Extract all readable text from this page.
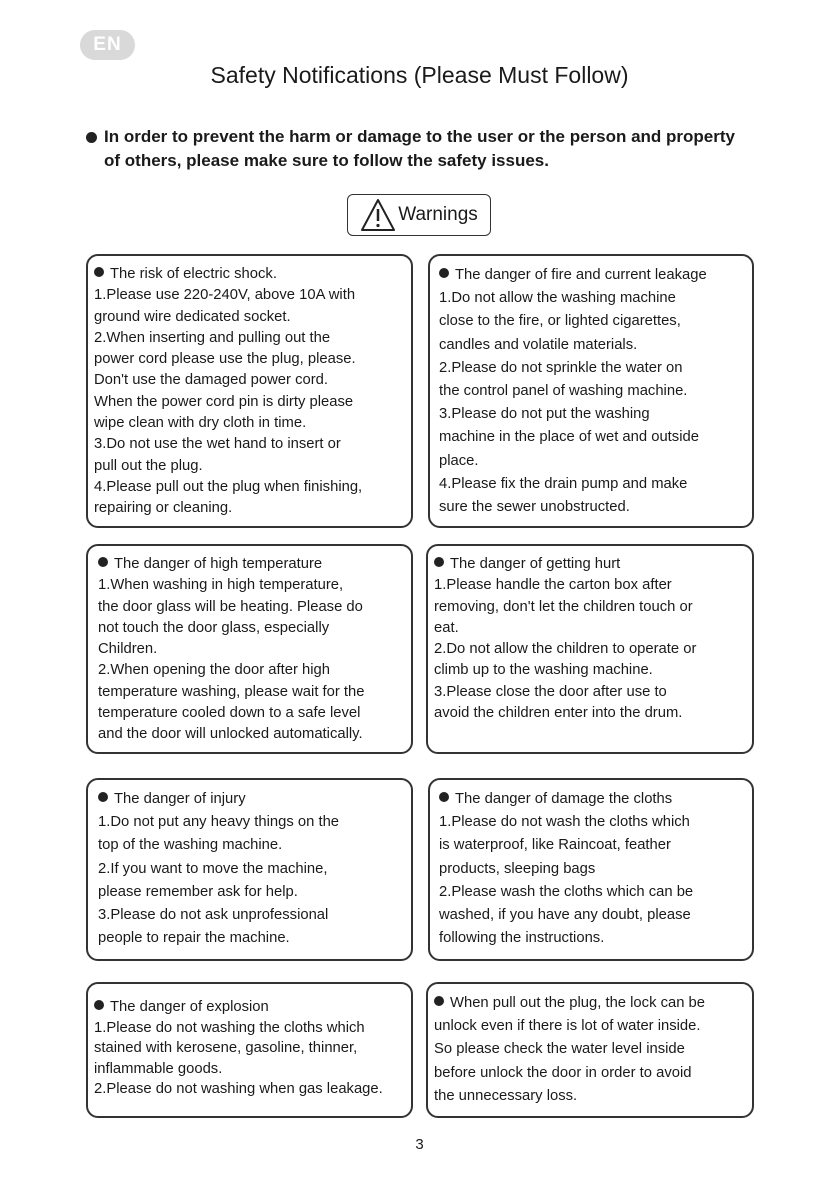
EN
Safety Notifications (Please Must Follow)
In order to prevent the harm or damage to the user or the person and property of others, please make sure to follow the safety issues.
Warnings
The risk of electric shock.
1.Please use 220-240V, above 10A with
ground wire dedicated socket.
2.When inserting and pulling out the
power cord please use the plug, please.
Don't use the damaged power cord.
When the power cord pin is dirty please
wipe clean with dry cloth in time.
3.Do not use the wet hand to insert or
pull out the plug.
4.Please pull out the plug when finishing,
repairing or cleaning.
The danger of fire and current leakage
1.Do not allow the washing machine
close to the fire, or lighted cigarettes,
candles and volatile materials.
2.Please do not sprinkle the water on
the control panel of washing machine.
3.Please do not put the washing
machine in the place of wet and outside
place.
4.Please fix the drain pump and make
sure the sewer unobstructed.
The danger of high temperature
1.When washing in high temperature,
the door glass will be heating. Please do
not touch the door glass, especially
Children.
2.When opening the door after high
temperature washing, please wait for the
temperature cooled down to a safe level
and the door will unlocked automatically.
The danger of getting hurt
1.Please handle the carton box after
removing, don't let the children touch or
eat.
2.Do not allow the children to operate or
climb up to the washing machine.
3.Please close the door after use to
avoid the children enter into the drum.
The danger of injury
1.Do not put any heavy things on the
top of the washing machine.
2.If you want to move the machine,
please remember ask for help.
3.Please do not ask unprofessional
people to repair the machine.
The danger of damage the cloths
1.Please do not wash the cloths which
is waterproof, like Raincoat, feather
products, sleeping bags
2.Please wash the cloths which can be
washed, if you have any doubt, please
following the instructions.
The danger of explosion
1.Please do not washing the cloths which
stained with kerosene, gasoline, thinner,
inflammable goods.
2.Please do not washing when gas leakage.
When pull out the plug, the lock can be
unlock even if there is lot of water inside.
So please check the water level inside
before unlock the door in order to avoid
the unnecessary loss.
3
